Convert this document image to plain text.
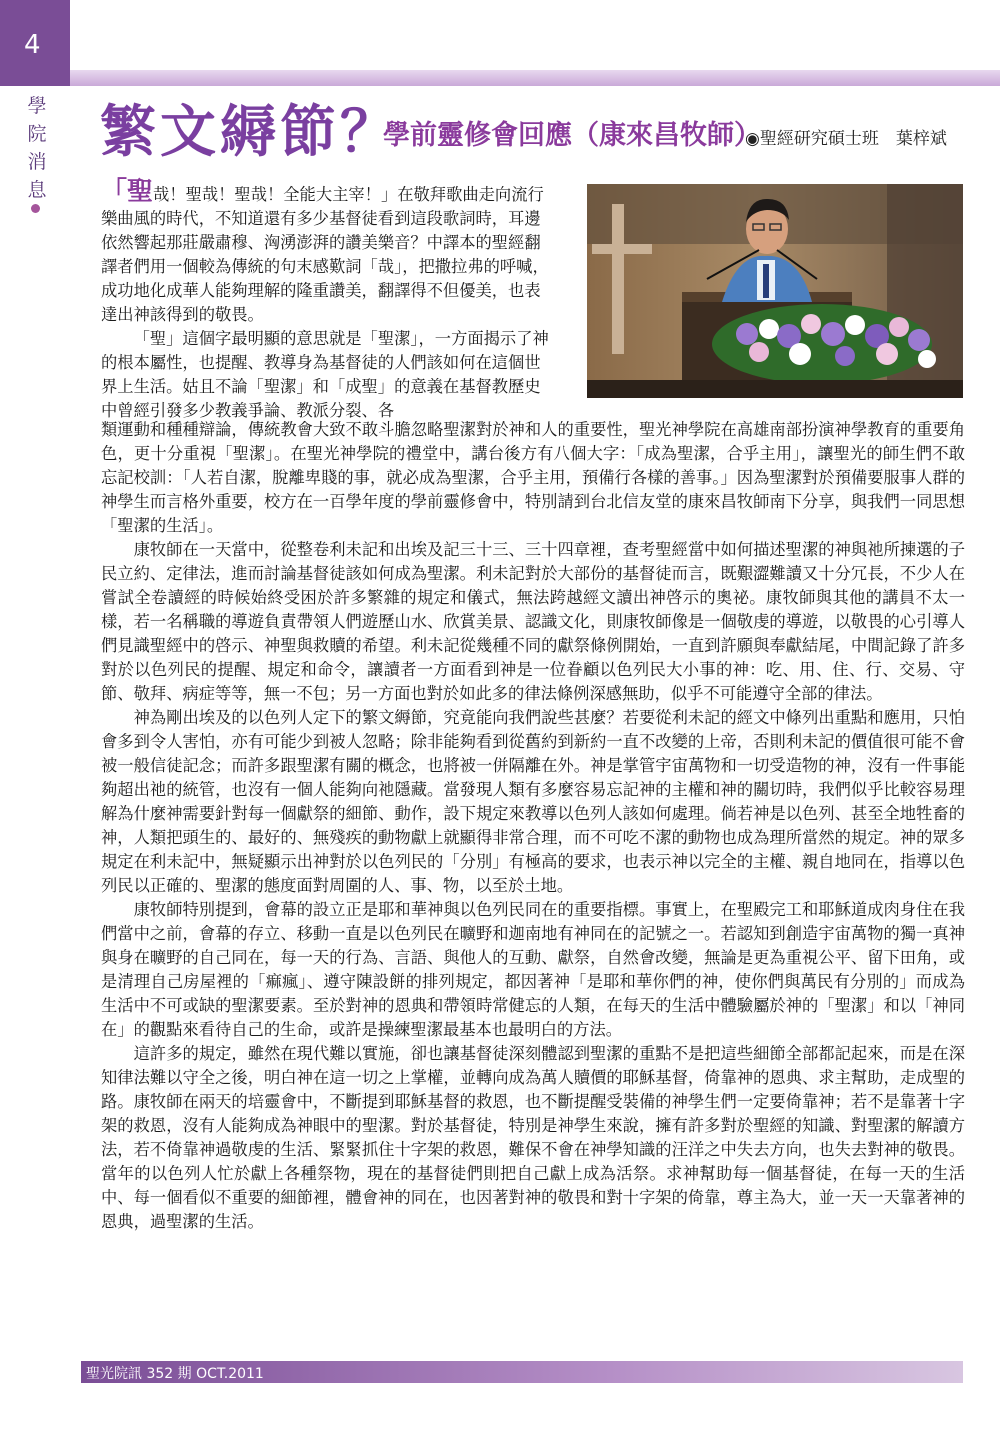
4
學
院
消
息
繁文縟節？
學前靈修會回應（康來昌牧師）
◉聖經研究碩士班　葉梓斌

「聖哉！聖哉！聖哉！全能大主宰！」在敬拜歌曲走向流行樂曲風的時代，不知道還有多少基督徒看到這段歌詞時，耳邊依然響起那莊嚴肅穆、洶湧澎湃的讚美樂音？中譯本的聖經翻譯者們用一個較為傳統的句末感歎詞「哉」，把撒拉弗的呼喊，成功地化成華人能夠理解的隆重讚美，翻譯得不但優美，也表達出神該得到的敬畏。

「聖」這個字最明顯的意思就是「聖潔」，一方面揭示了神的根本屬性，也提醒、教導身為基督徒的人們該如何在這個世界上生活。姑且不論「聖潔」和「成聖」的意義在基督教歷史中曾經引發多少教義爭論、教派分裂、各

類運動和種種辯論，傳統教會大致不敢斗膽忽略聖潔對於神和人的重要性，聖光神學院在高雄南部扮演神學教育的重要角色，更十分重視「聖潔」。在聖光神學院的禮堂中，講台後方有八個大字：「成為聖潔，合乎主用」，讓聖光的師生們不敢忘記校訓：「人若自潔，脫離卑賤的事，就必成為聖潔，合乎主用，預備行各樣的善事。」因為聖潔對於預備要服事人群的神學生而言格外重要，校方在一百學年度的學前靈修會中，特別請到台北信友堂的康來昌牧師南下分享，與我們一同思想「聖潔的生活」。

康牧師在一天當中，從整卷利未記和出埃及記三十三、三十四章裡，查考聖經當中如何描述聖潔的神與祂所揀選的子民立約、定律法，進而討論基督徒該如何成為聖潔。利未記對於大部份的基督徒而言，既艱澀難讀又十分冗長，不少人在嘗試全卷讀經的時候始終受困於許多繁雜的規定和儀式，無法跨越經文讀出神啓示的奧祕。康牧師與其他的講員不太一樣，若一名稱職的導遊負責帶領人們遊歷山水、欣賞美景、認識文化，則康牧師像是一個敬虔的導遊，以敬畏的心引導人們見識聖經中的啓示、神聖與救贖的希望。利未記從幾種不同的獻祭條例開始，一直到許願與奉獻結尾，中間記錄了許多對於以色列民的提醒、規定和命令，讓讀者一方面看到神是一位眷顧以色列民大小事的神：吃、用、住、行、交易、守節、敬拜、病症等等，無一不包；另一方面也對於如此多的律法條例深感無助，似乎不可能遵守全部的律法。

神為剛出埃及的以色列人定下的繁文縟節，究竟能向我們說些甚麼？若要從利未記的經文中條列出重點和應用，只怕會多到令人害怕，亦有可能少到被人忽略；除非能夠看到從舊約到新約一直不改變的上帝，否則利未記的價值很可能不會被一般信徒記念；而許多跟聖潔有關的概念，也將被一併隔離在外。神是掌管宇宙萬物和一切受造物的神，沒有一件事能夠超出祂的統管，也沒有一個人能夠向祂隱藏。當發現人類有多麼容易忘記神的主權和神的關切時，我們似乎比較容易理解為什麼神需要針對每一個獻祭的細節、動作，設下規定來教導以色列人該如何處理。倘若神是以色列、甚至全地牲畜的神，人類把頭生的、最好的、無殘疾的動物獻上就顯得非常合理，而不可吃不潔的動物也成為理所當然的規定。神的眾多規定在利未記中，無疑顯示出神對於以色列民的「分別」有極高的要求，也表示神以完全的主權、親自地同在，指導以色列民以正確的、聖潔的態度面對周圍的人、事、物，以至於土地。

康牧師特別提到，會幕的設立正是耶和華神與以色列民同在的重要指標。事實上，在聖殿完工和耶穌道成肉身住在我們當中之前，會幕的存立、移動一直是以色列民在曠野和迦南地有神同在的記號之一。若認知到創造宇宙萬物的獨一真神與身在曠野的自己同在，每一天的行為、言語、與他人的互動、獻祭，自然會改變，無論是更為重視公平、留下田角，或是清理自己房屋裡的「痲瘋」、遵守陳設餅的排列規定，都因著神「是耶和華你們的神，使你們與萬民有分別的」而成為生活中不可或缺的聖潔要素。至於對神的恩典和帶領時常健忘的人類，在每天的生活中體驗屬於神的「聖潔」和以「神同在」的觀點來看待自己的生命，或許是操練聖潔最基本也最明白的方法。

這許多的規定，雖然在現代難以實施，卻也讓基督徒深刻體認到聖潔的重點不是把這些細節全部都記起來，而是在深知律法難以守全之後，明白神在這一切之上掌權，並轉向成為萬人贖價的耶穌基督，倚靠神的恩典、求主幫助，走成聖的路。康牧師在兩天的培靈會中，不斷提到耶穌基督的救恩，也不斷提醒受裝備的神學生們一定要倚靠神；若不是靠著十字架的救恩，沒有人能夠成為神眼中的聖潔。對於基督徒，特別是神學生來說，擁有許多對於聖經的知識、對聖潔的解讀方法，若不倚靠神過敬虔的生活、緊緊抓住十字架的救恩，難保不會在神學知識的汪洋之中失去方向，也失去對神的敬畏。當年的以色列人忙於獻上各種祭物，現在的基督徒們則把自己獻上成為活祭。求神幫助每一個基督徒，在每一天的生活中、每一個看似不重要的細節裡，體會神的同在，也因著對神的敬畏和對十字架的倚靠，尊主為大，並一天一天靠著神的恩典，過聖潔的生活。

聖光院訊 352 期 OCT.2011
